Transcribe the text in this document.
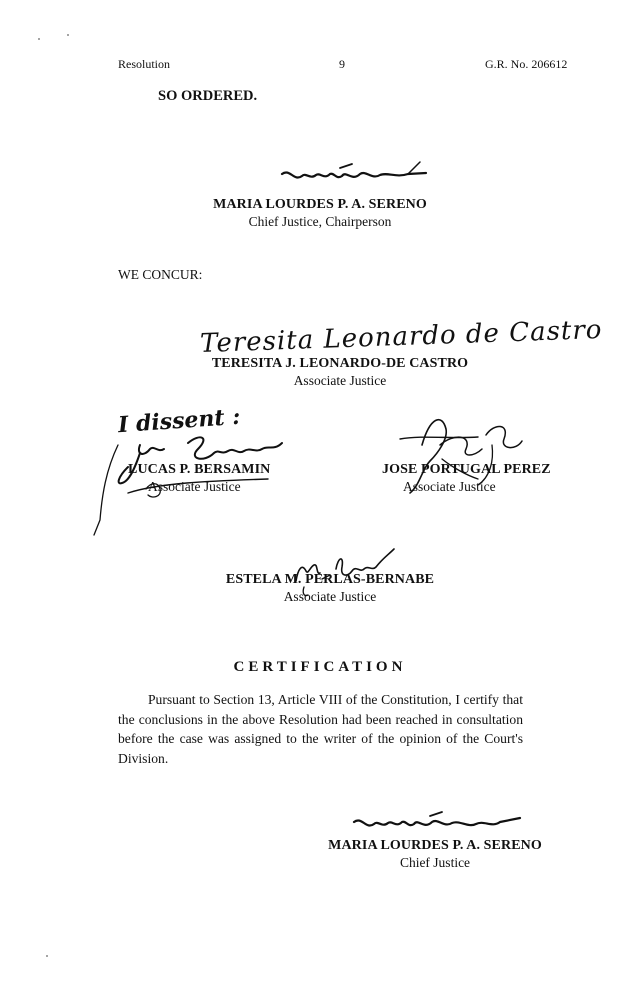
Resolution	9	G.R. No. 206612
SO ORDERED.
MARIA LOURDES P. A. SERENO
Chief Justice, Chairperson
WE CONCUR:
Teresita Leonardo de Castro
TERESITA J. LEONARDO-DE CASTRO
Associate Justice
I dissent :
LUCAS P. BERSAMIN
Associate Justice
JOSE PORTUGAL PEREZ
Associate Justice
ESTELA M. PERLAS-BERNABE
Associate Justice
CERTIFICATION
Pursuant to Section 13, Article VIII of the Constitution, I certify that the conclusions in the above Resolution had been reached in consultation before the case was assigned to the writer of the opinion of the Court's Division.
MARIA LOURDES P. A. SERENO
Chief Justice
